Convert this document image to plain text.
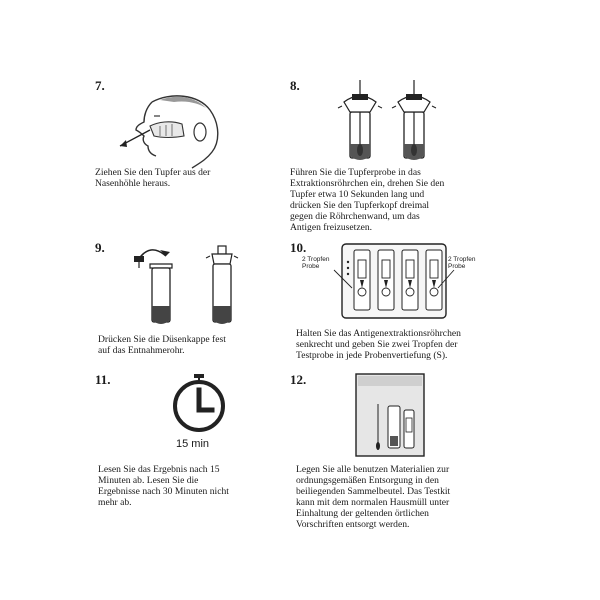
7.
Ziehen Sie den Tupfer aus der
Nasenhöhle heraus.
8.
Führen Sie die Tupferprobe in das
Extraktionsröhrchen ein, drehen Sie den
Tupfer etwa 10 Sekunden lang und
drücken Sie den Tupferkopf dreimal
gegen die Röhrchenwand, um das
Antigen freizusetzen.
9.
Drücken Sie die Düsenkappe fest
auf das Entnahmerohr.
10.
2 Tropfen
Probe
2 Tropfen
Probe
Halten Sie das Antigenextraktionsröhrchen
senkrecht und geben Sie zwei Tropfen der
Testprobe in jede Probenvertiefung (S).
11.
15 min
Lesen Sie das Ergebnis nach 15
Minuten ab. Lesen Sie die
Ergebnisse nach 30 Minuten nicht
mehr ab.
12.
Legen Sie alle benutzen Materialien zur
ordnungsgemäßen Entsorgung in den
beiliegenden Sammelbeutel. Das Testkit
kann mit dem normalen Hausmüll unter
Einhaltung der geltenden örtlichen
Vorschriften entsorgt werden.
